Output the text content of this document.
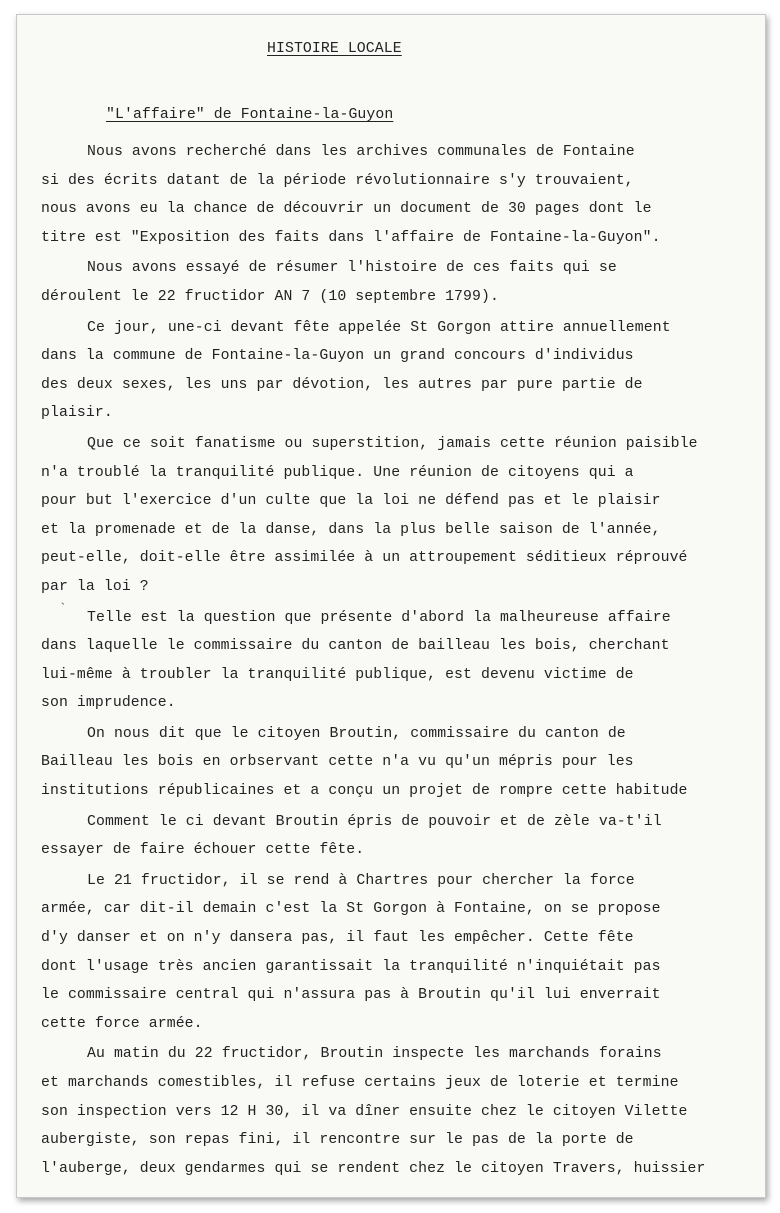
HISTOIRE LOCALE
"L'affaire" de Fontaine-la-Guyon
`
Nous avons recherché dans les archives communales de Fontaine
si des écrits datant de la période révolutionnaire s'y trouvaient,
nous avons eu la chance de découvrir un document de 30 pages dont le
titre est "Exposition des faits dans l'affaire de Fontaine-la-Guyon".
Nous avons essayé de résumer l'histoire de ces faits qui se
déroulent le 22 fructidor AN 7 (10 septembre 1799).
Ce jour, une-ci devant fête appelée St Gorgon attire annuellement
dans la commune de Fontaine-la-Guyon un grand concours d'individus
des deux sexes, les uns par dévotion, les autres par pure partie de
plaisir.
Que ce soit fanatisme ou superstition, jamais cette réunion paisible
n'a troublé la tranquilité publique. Une réunion de citoyens qui a
pour but l'exercice d'un culte que la loi ne défend pas et le plaisir
et la promenade et de la danse, dans la plus belle saison de l'année,
peut-elle, doit-elle être assimilée à un attroupement séditieux réprouvé
par la loi ?
Telle est la question que présente d'abord la malheureuse affaire
dans laquelle le commissaire du canton de bailleau les bois, cherchant
lui-même à troubler la tranquilité publique, est devenu victime de
son imprudence.
On nous dit que le citoyen Broutin, commissaire du canton de
Bailleau les bois en orbservant cette n'a vu qu'un mépris pour les
institutions républicaines et a conçu un projet de rompre cette habitude
Comment le ci devant Broutin épris de pouvoir et de zèle va-t'il
essayer de faire échouer cette fête.
Le 21 fructidor, il se rend à Chartres pour chercher la force
armée, car dit-il demain c'est la St Gorgon à Fontaine, on se propose
d'y danser et on n'y dansera pas, il faut les empêcher. Cette fête
dont l'usage très ancien garantissait la tranquilité n'inquiétait pas
le commissaire central qui n'assura pas à Broutin qu'il lui enverrait
cette force armée.
Au matin du 22 fructidor, Broutin inspecte les marchands forains
et marchands comestibles, il refuse certains jeux de loterie et termine
son inspection vers 12 H 30, il va dîner ensuite chez le citoyen Vilette
aubergiste, son repas fini, il rencontre sur le pas de la porte de
l'auberge, deux gendarmes qui se rendent chez le citoyen Travers, huissier
